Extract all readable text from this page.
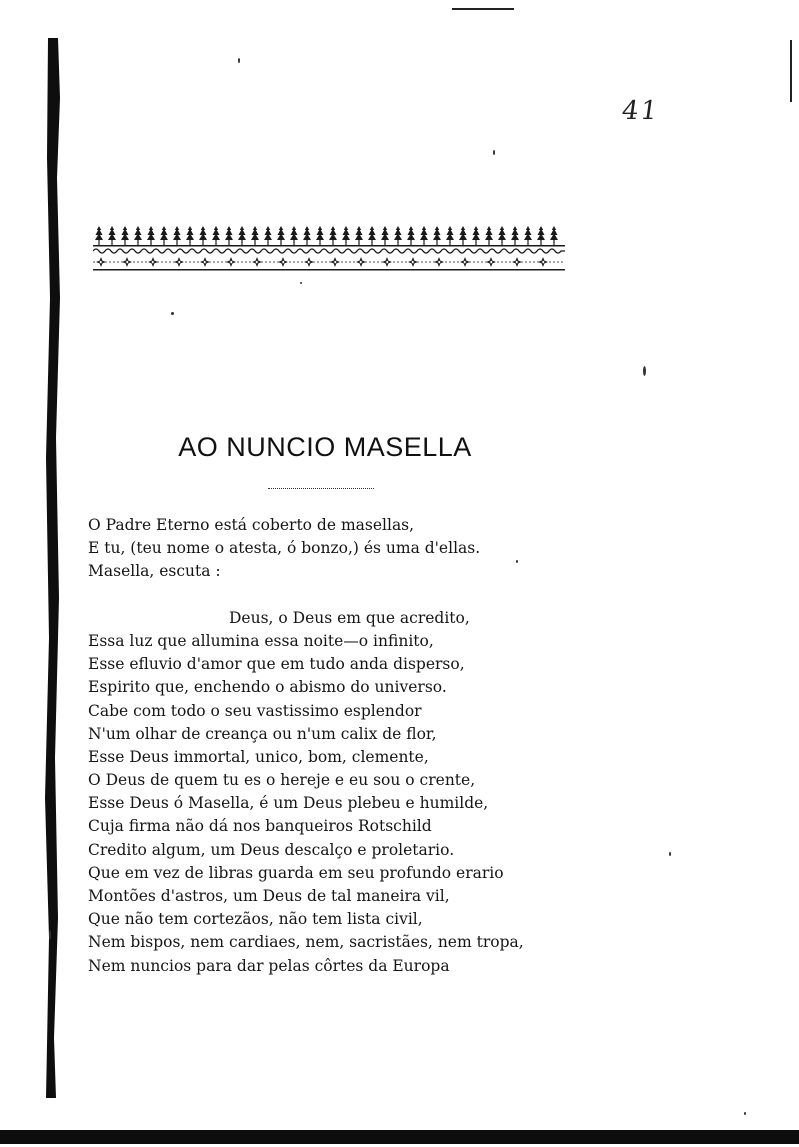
41
AO NUNCIO MASELLA
O Padre Eterno está coberto de masellas,
E tu, (teu nome o atesta, ó bonzo,) és uma d'ellas.
Masella, escuta :
Deus, o Deus em que acredito,
Essa luz que allumina essa noite—o infinito,
Esse efluvio d'amor que em tudo anda disperso,
Espirito que, enchendo o abismo do universo.
Cabe com todo o seu vastissimo esplendor
N'um olhar de creança ou n'um calix de flor,
Esse Deus immortal, unico, bom, clemente,
O Deus de quem tu es o hereje e eu sou o crente,
Esse Deus ó Masella, é um Deus plebeu e humilde,
Cuja firma não dá nos banqueiros Rotschild
Credito algum, um Deus descalço e proletario.
Que em vez de libras guarda em seu profundo erario
Montões d'astros, um Deus de tal maneira vil,
Que não tem cortezãos, não tem lista civil,
Nem bispos, nem cardiaes, nem, sacristães, nem tropa,
Nem nuncios para dar pelas côrtes da Europa
